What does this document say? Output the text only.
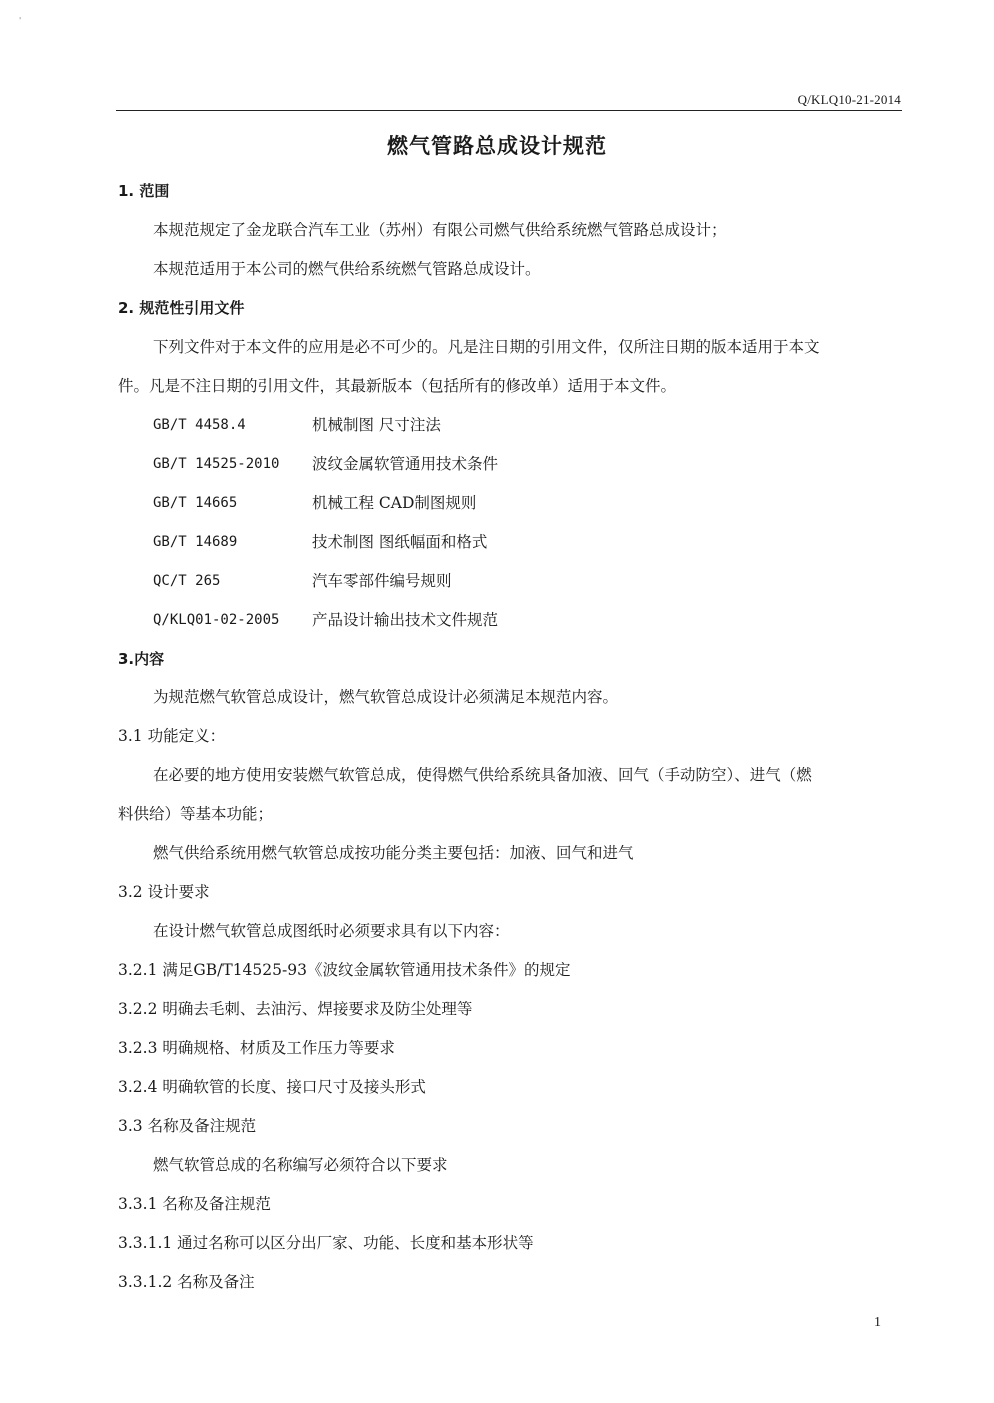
'
Q/KLQ10-21-2014
燃气管路总成设计规范
1. 范围
本规范规定了金龙联合汽车工业（苏州）有限公司燃气供给系统燃气管路总成设计；
本规范适用于本公司的燃气供给系统燃气管路总成设计。
2. 规范性引用文件
下列文件对于本文件的应用是必不可少的。凡是注日期的引用文件，仅所注日期的版本适用于本文
件。凡是不注日期的引用文件，其最新版本（包括所有的修改单）适用于本文件。
GB/T 4458.4	机械制图 尺寸注法
GB/T 14525-2010 波纹金属软管通用技术条件
GB/T 14665	机械工程 CAD制图规则
GB/T 14689	技术制图 图纸幅面和格式
QC/T 265	汽车零部件编号规则
Q/KLQ01-02-2005 产品设计输出技术文件规范
3.内容
为规范燃气软管总成设计，燃气软管总成设计必须满足本规范内容。
3.1 功能定义：
在必要的地方使用安装燃气软管总成，使得燃气供给系统具备加液、回气（手动防空）、进气（燃
料供给）等基本功能；
燃气供给系统用燃气软管总成按功能分类主要包括：加液、回气和进气
3.2 设计要求
在设计燃气软管总成图纸时必须要求具有以下内容：
3.2.1 满足GB/T14525-93《波纹金属软管通用技术条件》的规定
3.2.2 明确去毛刺、去油污、焊接要求及防尘处理等
3.2.3 明确规格、材质及工作压力等要求
3.2.4 明确软管的长度、接口尺寸及接头形式
3.3 名称及备注规范
燃气软管总成的名称编写必须符合以下要求
3.3.1 名称及备注规范
3.3.1.1 通过名称可以区分出厂家、功能、长度和基本形状等
3.3.1.2 名称及备注
1
